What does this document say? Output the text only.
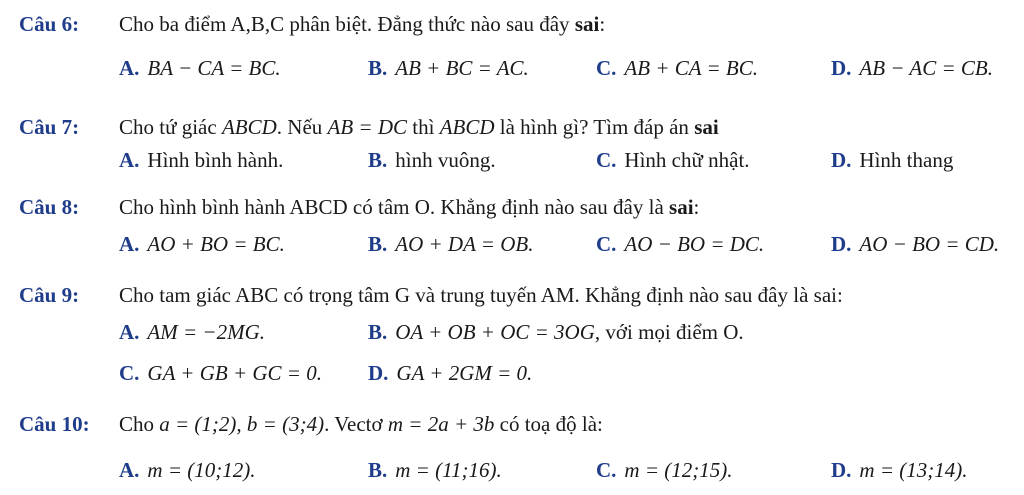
Câu 6: Cho ba điểm A,B,C phân biệt. Đẳng thức nào sau đây sai:
A. BA − CA = BC.	B. AB + BC = AC.	C. AB + CA = BC.	D. AB − AC = CB.
Câu 7: Cho tứ giác ABCD. Nếu AB = DC thì ABCD là hình gì? Tìm đáp án sai
A. Hình bình hành.	B. hình vuông.	C. Hình chữ nhật.	D. Hình thang
Câu 8: Cho hình bình hành ABCD có tâm O. Khẳng định nào sau đây là sai:
A. AO + BO = BC.	B. AO + DA = OB.	C. AO − BO = DC.	D. AO − BO = CD.
Câu 9: Cho tam giác ABC có trọng tâm G và trung tuyến AM. Khẳng định nào sau đây là sai:
A. AM = −2MG.	B. OA + OB + OC = 3OG, với mọi điểm O.
C. GA + GB + GC = 0. D. GA + 2GM = 0.
Câu 10: Cho a = (1;2), b = (3;4). Vectơ m = 2a + 3b có toạ độ là:
A. m = (10;12).	B. m = (11;16).	C. m = (12;15).	D. m = (13;14).
